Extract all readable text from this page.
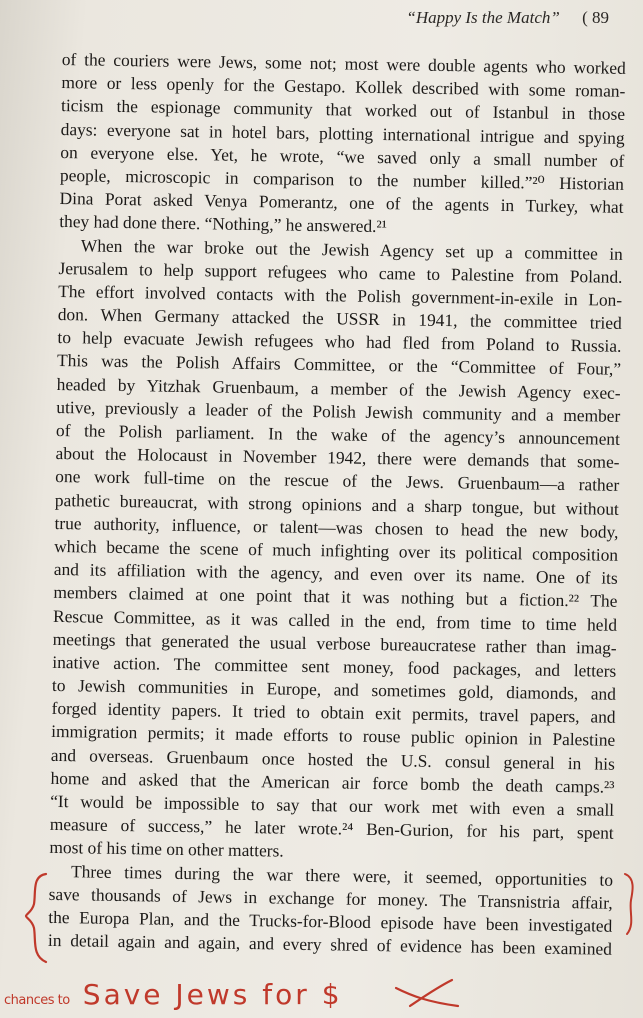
“Happy Is the Match” ( 89
of the couriers were Jews, some not; most were double agents who worked
more or less openly for the Gestapo. Kollek described with some roman-
ticism the espionage community that worked out of Istanbul in those
days: everyone sat in hotel bars, plotting international intrigue and spying
on everyone else. Yet, he wrote, “we saved only a small number of
people, microscopic in comparison to the number killed.”²⁰ Historian
Dina Porat asked Venya Pomerantz, one of the agents in Turkey, what
they had done there. “Nothing,” he answered.²¹
When the war broke out the Jewish Agency set up a committee in
Jerusalem to help support refugees who came to Palestine from Poland.
The effort involved contacts with the Polish government-in-exile in Lon-
don. When Germany attacked the USSR in 1941, the committee tried
to help evacuate Jewish refugees who had fled from Poland to Russia.
This was the Polish Affairs Committee, or the “Committee of Four,”
headed by Yitzhak Gruenbaum, a member of the Jewish Agency exec-
utive, previously a leader of the Polish Jewish community and a member
of the Polish parliament. In the wake of the agency’s announcement
about the Holocaust in November 1942, there were demands that some-
one work full-time on the rescue of the Jews. Gruenbaum—a rather
pathetic bureaucrat, with strong opinions and a sharp tongue, but without
true authority, influence, or talent—was chosen to head the new body,
which became the scene of much infighting over its political composition
and its affiliation with the agency, and even over its name. One of its
members claimed at one point that it was nothing but a fiction.²² The
Rescue Committee, as it was called in the end, from time to time held
meetings that generated the usual verbose bureaucratese rather than imag-
inative action. The committee sent money, food packages, and letters
to Jewish communities in Europe, and sometimes gold, diamonds, and
forged identity papers. It tried to obtain exit permits, travel papers, and
immigration permits; it made efforts to rouse public opinion in Palestine
and overseas. Gruenbaum once hosted the U.S. consul general in his
home and asked that the American air force bomb the death camps.²³
“It would be impossible to say that our work met with even a small
measure of success,” he later wrote.²⁴ Ben-Gurion, for his part, spent
most of his time on other matters.
Three times during the war there were, it seemed, opportunities to
save thousands of Jews in exchange for money. The Transnistria affair,
the Europa Plan, and the Trucks-for-Blood episode have been investigated
in detail again and again, and every shred of evidence has been examined
chances to Save Jews for $
